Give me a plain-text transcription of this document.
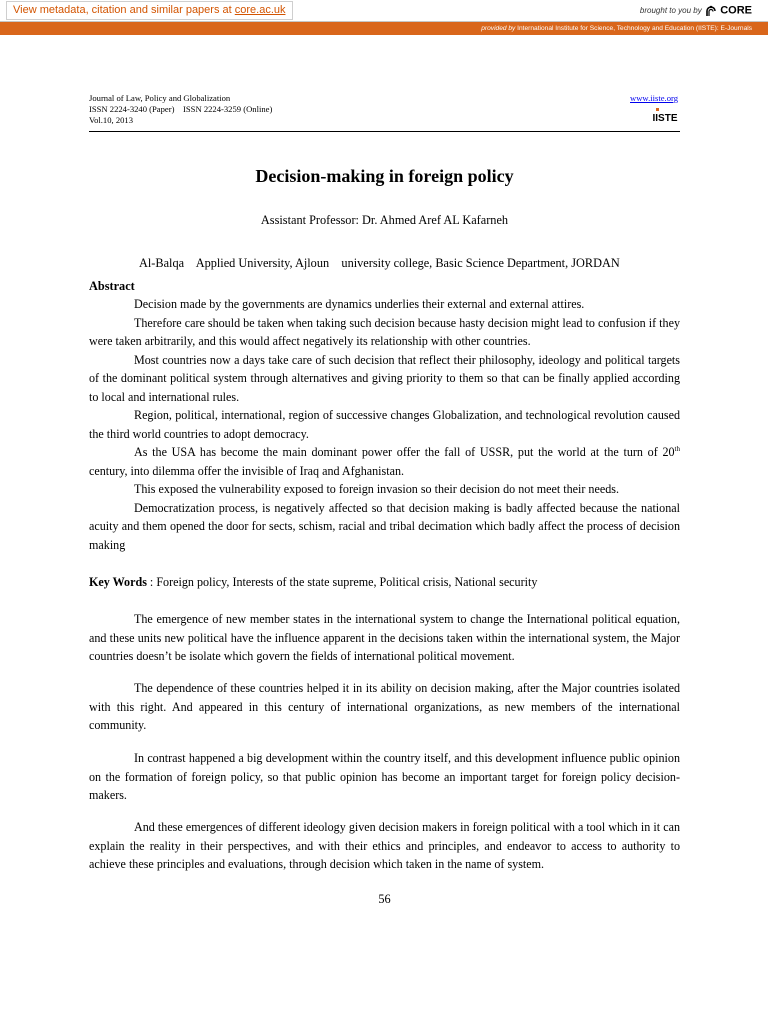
View metadata, citation and similar papers at core.ac.uk	brought to you by CORE
provided by International Institute for Science, Technology and Education (IISTE): E-Journals
Journal of Law, Policy and Globalization
ISSN 2224-3240 (Paper)    ISSN 2224-3259 (Online)
Vol.10, 2013
www.iiste.org
IISTE
Decision-making in foreign policy
Assistant Professor: Dr. Ahmed Aref AL Kafarneh
Al-Balqa    Applied University, Ajloun    university college, Basic Science Department, JORDAN
Abstract

Decision made by the governments are dynamics underlies their external and external attires.

Therefore care should be taken when taking such decision because hasty decision might lead to confusion if they were taken arbitrarily, and this would affect negatively its relationship with other countries.

Most countries now a days take care of such decision that reflect their philosophy, ideology and political targets of the dominant political system through alternatives and giving priority to them so that can be finally applied according to local and international rules.

Region, political, international, region of successive changes Globalization, and technological revolution caused the third world countries to adopt democracy.

As the USA has become the main dominant power offer the fall of USSR, put the world at the turn of 20th century, into dilemma offer the invisible of Iraq and Afghanistan.

This exposed the vulnerability exposed to foreign invasion so their decision do not meet their needs.

Democratization process, is negatively affected so that decision making is badly affected because the national acuity and them opened the door for sects, schism, racial and tribal decimation which badly affect the process of decision making

Key Words : Foreign policy, Interests of the state supreme, Political crisis, National security

The emergence of new member states in the international system to change the International political equation, and these units new political have the influence apparent in the decisions taken within the international system, the Major countries doesn’t be isolate which govern the fields of international political movement.

The dependence of these countries helped it in its ability on decision making, after the Major countries isolated with this right. And appeared in this century of international organizations, as new members of the international community.

In contrast happened a big development within the country itself, and this development influence public opinion on the formation of foreign policy, so that public opinion has become an important target for foreign policy decision-makers.

And these emergences of different ideology given decision makers in foreign political with a tool which in it can explain the reality in their perspectives, and with their ethics and principles, and endeavor to access to authority to achieve these principles and evaluations, through decision which taken in the name of system.

56
